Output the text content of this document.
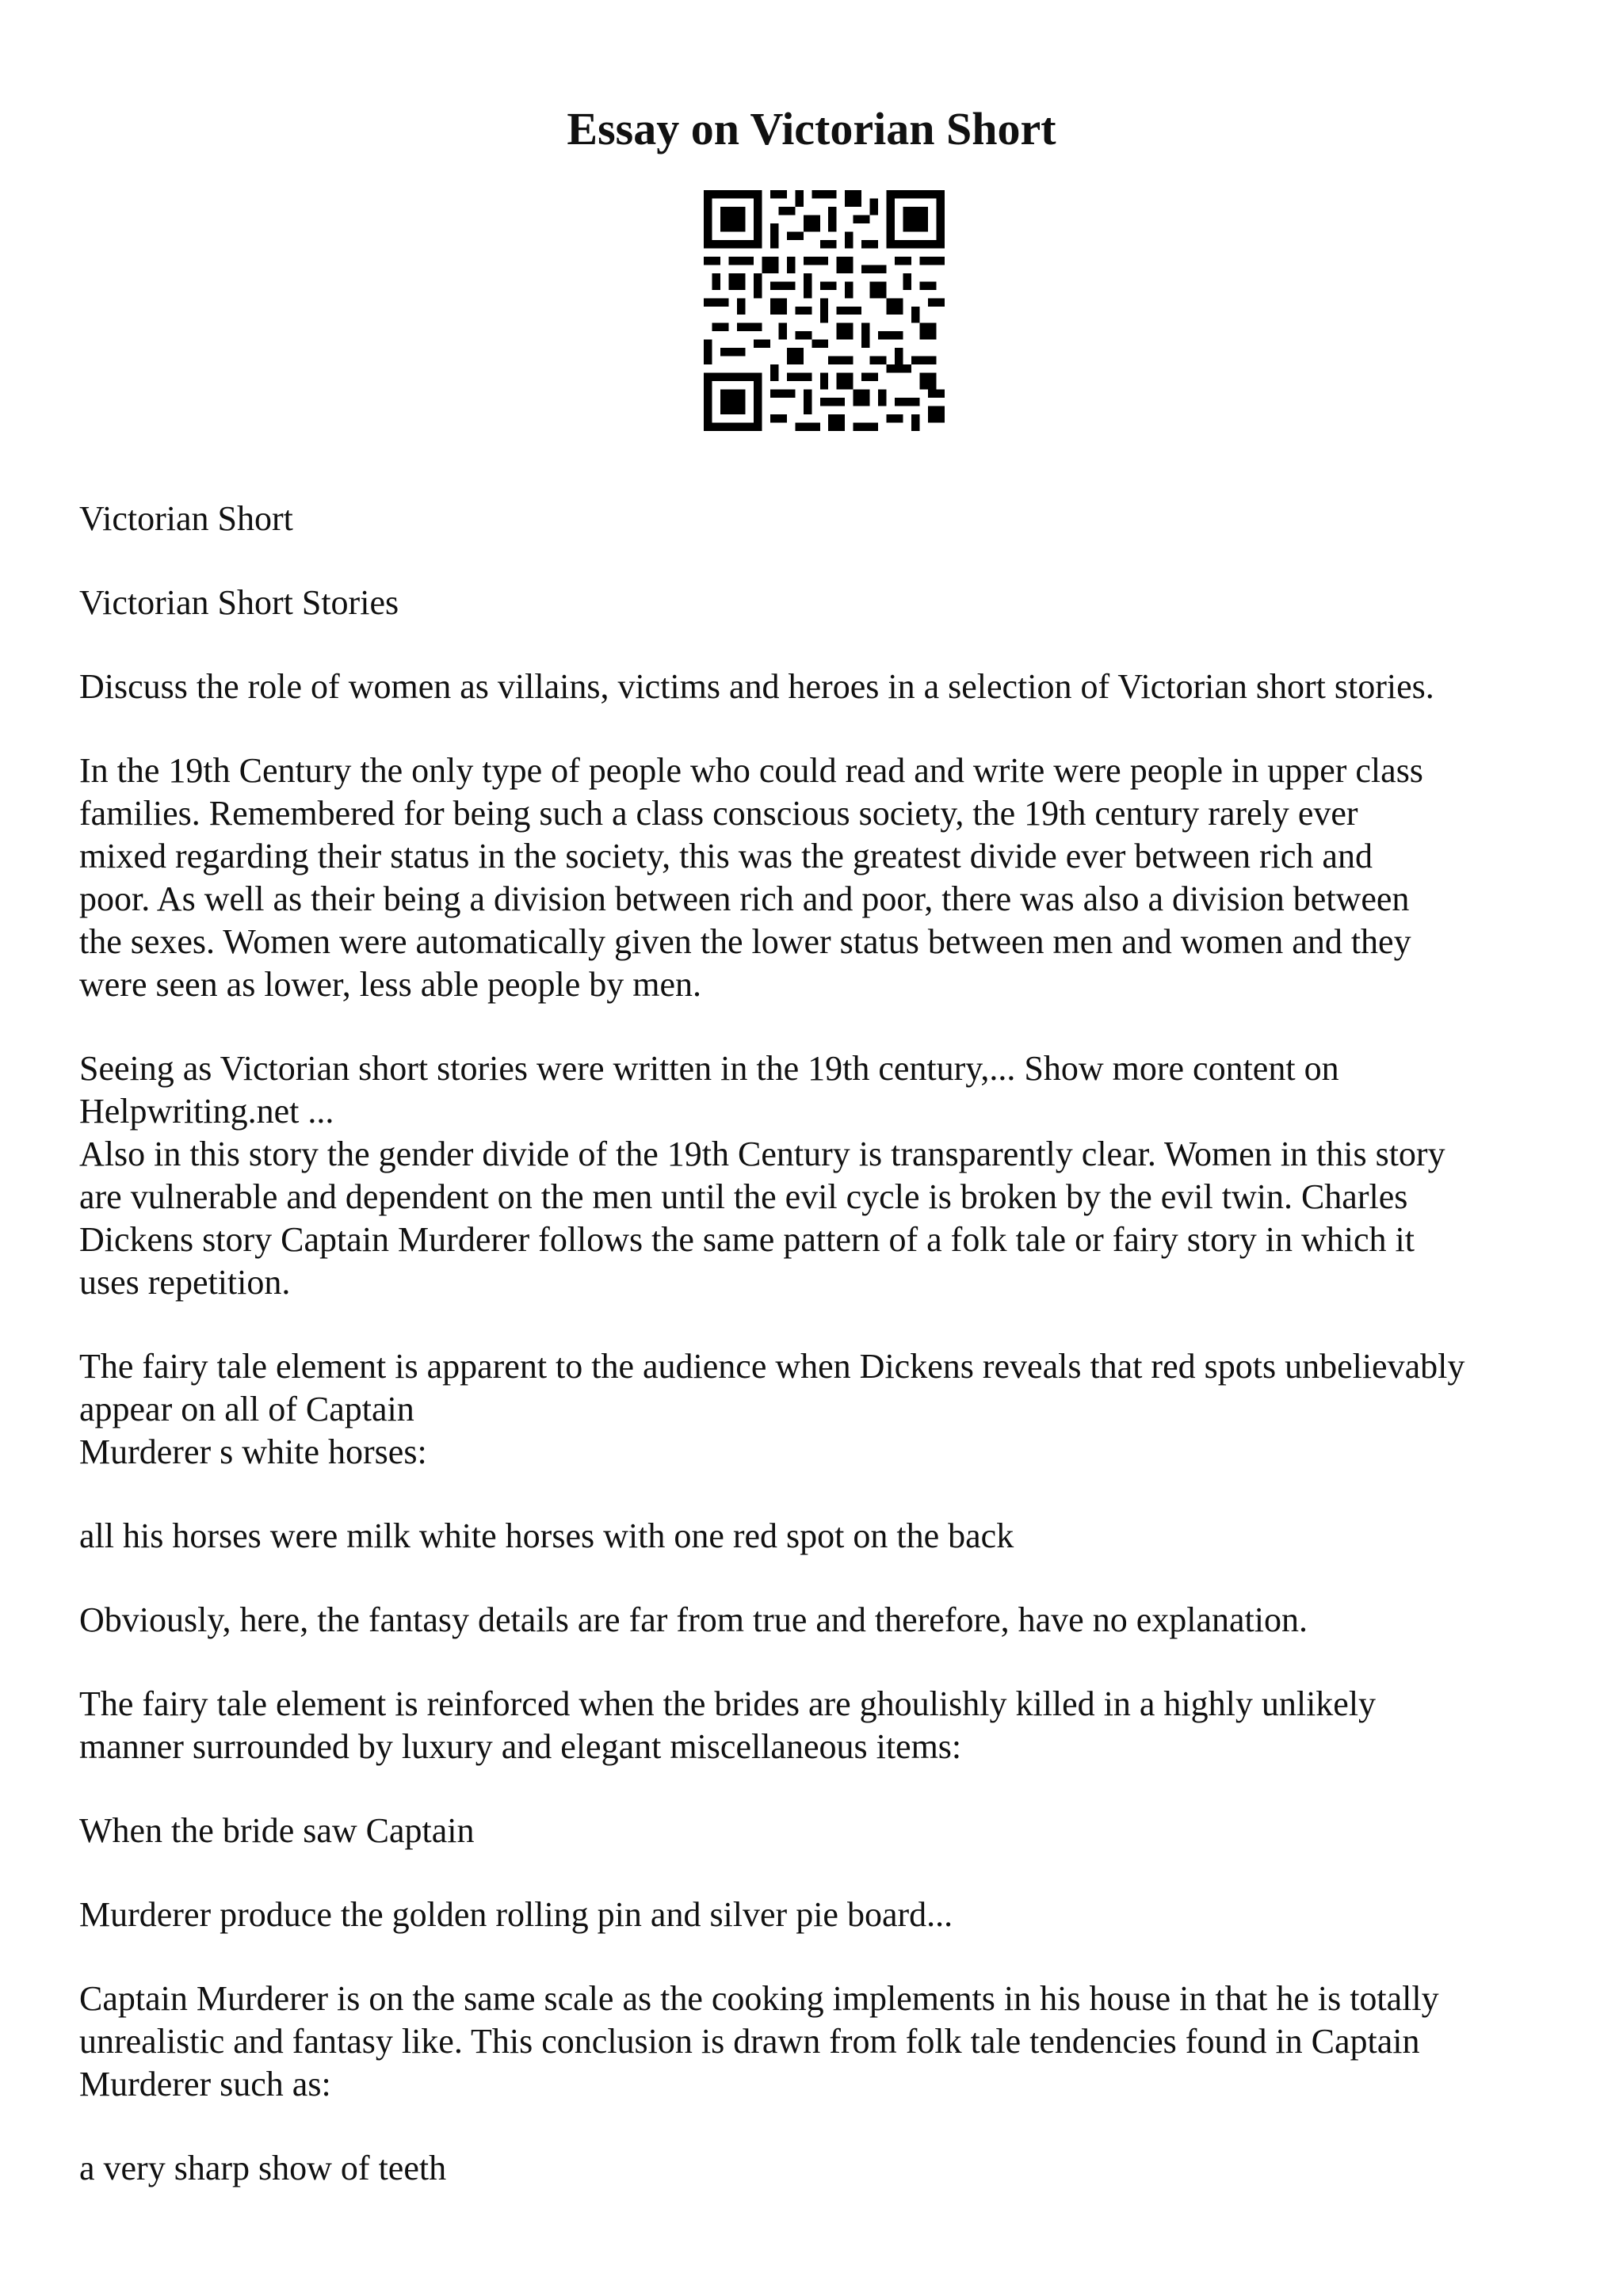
Essay on Victorian Short

Victorian Short

Victorian Short Stories

Discuss the role of women as villains, victims and heroes in a selection of Victorian short stories.

In the 19th Century the only type of people who could read and write were people in upper class
families. Remembered for being such a class conscious society, the 19th century rarely ever
mixed regarding their status in the society, this was the greatest divide ever between rich and
poor. As well as their being a division between rich and poor, there was also a division between
the sexes. Women were automatically given the lower status between men and women and they
were seen as lower, less able people by men.

Seeing as Victorian short stories were written in the 19th century,... Show more content on
Helpwriting.net ...

Also in this story the gender divide of the 19th Century is transparently clear. Women in this story
are vulnerable and dependent on the men until the evil cycle is broken by the evil twin. Charles
Dickens story Captain Murderer follows the same pattern of a folk tale or fairy story in which it
uses repetition.

The fairy tale element is apparent to the audience when Dickens reveals that red spots unbelievably
appear on all of Captain
Murderer s white horses:

all his horses were milk white horses with one red spot on the back

Obviously, here, the fantasy details are far from true and therefore, have no explanation.

The fairy tale element is reinforced when the brides are ghoulishly killed in a highly unlikely
manner surrounded by luxury and elegant miscellaneous items:

When the bride saw Captain

Murderer produce the golden rolling pin and silver pie board...

Captain Murderer is on the same scale as the cooking implements in his house in that he is totally
unrealistic and fantasy like. This conclusion is drawn from folk tale tendencies found in Captain
Murderer such as:

a very sharp show of teeth
